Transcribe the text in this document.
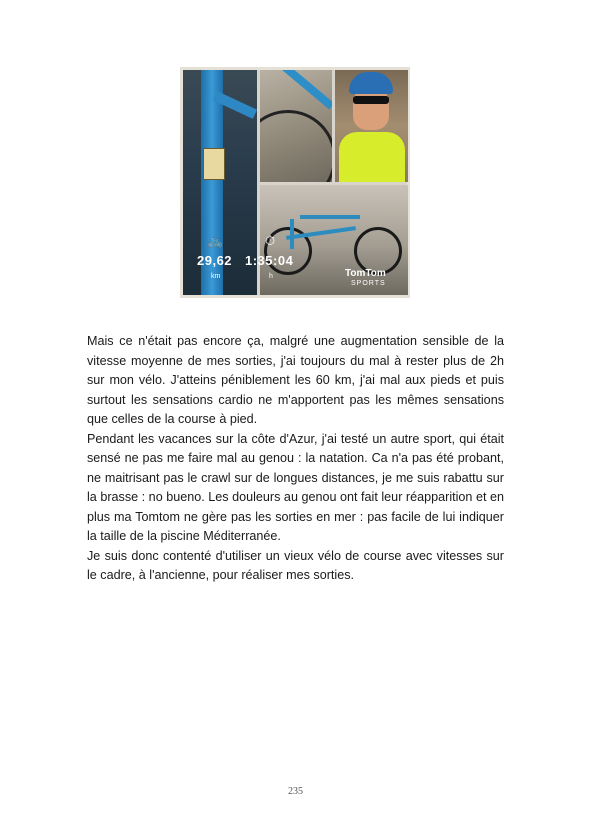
🚲
29,62
km
⏱
1:35:04
h	TomTom
SPORTS

Mais ce n'était pas encore ça, malgré une augmentation sensible de la vitesse moyenne de mes sorties, j'ai toujours du mal à rester plus de 2h sur mon vélo. J'atteins péniblement les 60 km, j'ai mal aux pieds et puis surtout les sensations cardio ne m'apportent pas les mêmes sensations que celles de la course à pied.

Pendant les vacances sur la côte d'Azur, j'ai testé un autre sport, qui était sensé ne pas me faire mal au genou : la natation. Ca n'a pas été probant, ne maitrisant pas le crawl sur de longues distances, je me suis rabattu sur la brasse : no bueno. Les douleurs au genou ont fait leur réapparition et en plus ma Tomtom ne gère pas les sorties en mer : pas facile de lui indiquer la taille de la piscine Méditerranée.

Je suis donc contenté d'utiliser un vieux vélo de course avec vitesses sur le cadre, à l'ancienne, pour réaliser mes sorties.

235
